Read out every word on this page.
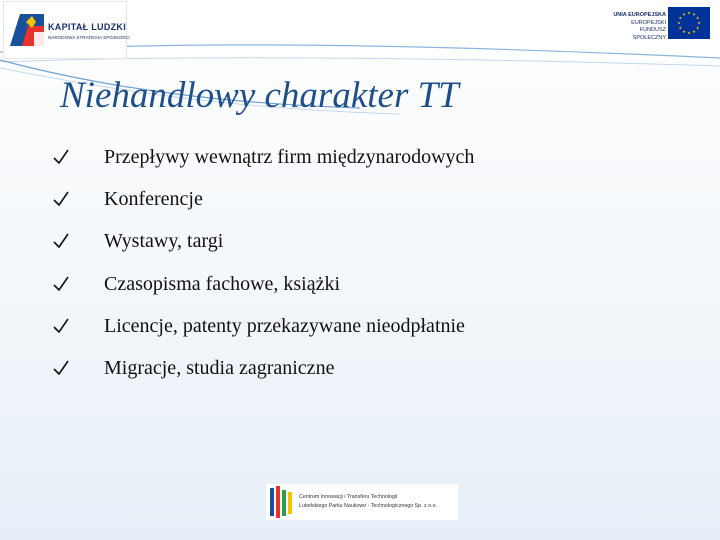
KAPITAŁ LUDZKI
NARODOWA STRATEGIA SPÓJNOŚCI
UNIA EUROPEJSKA
EUROPEJSKI
FUNDUSZ SPOŁECZNY
Niehandlowy charakter TT
Przepływy wewnątrz firm międzynarodowych
Konferencje
Wystawy, targi
Czasopisma fachowe, książki
Licencje, patenty przekazywane nieodpłatnie
Migracje, studia zagraniczne
Centrum Innowacji i Transferu Technologii
Lubelskiego Parku Naukowo - Technologicznego Sp. z o.o.
